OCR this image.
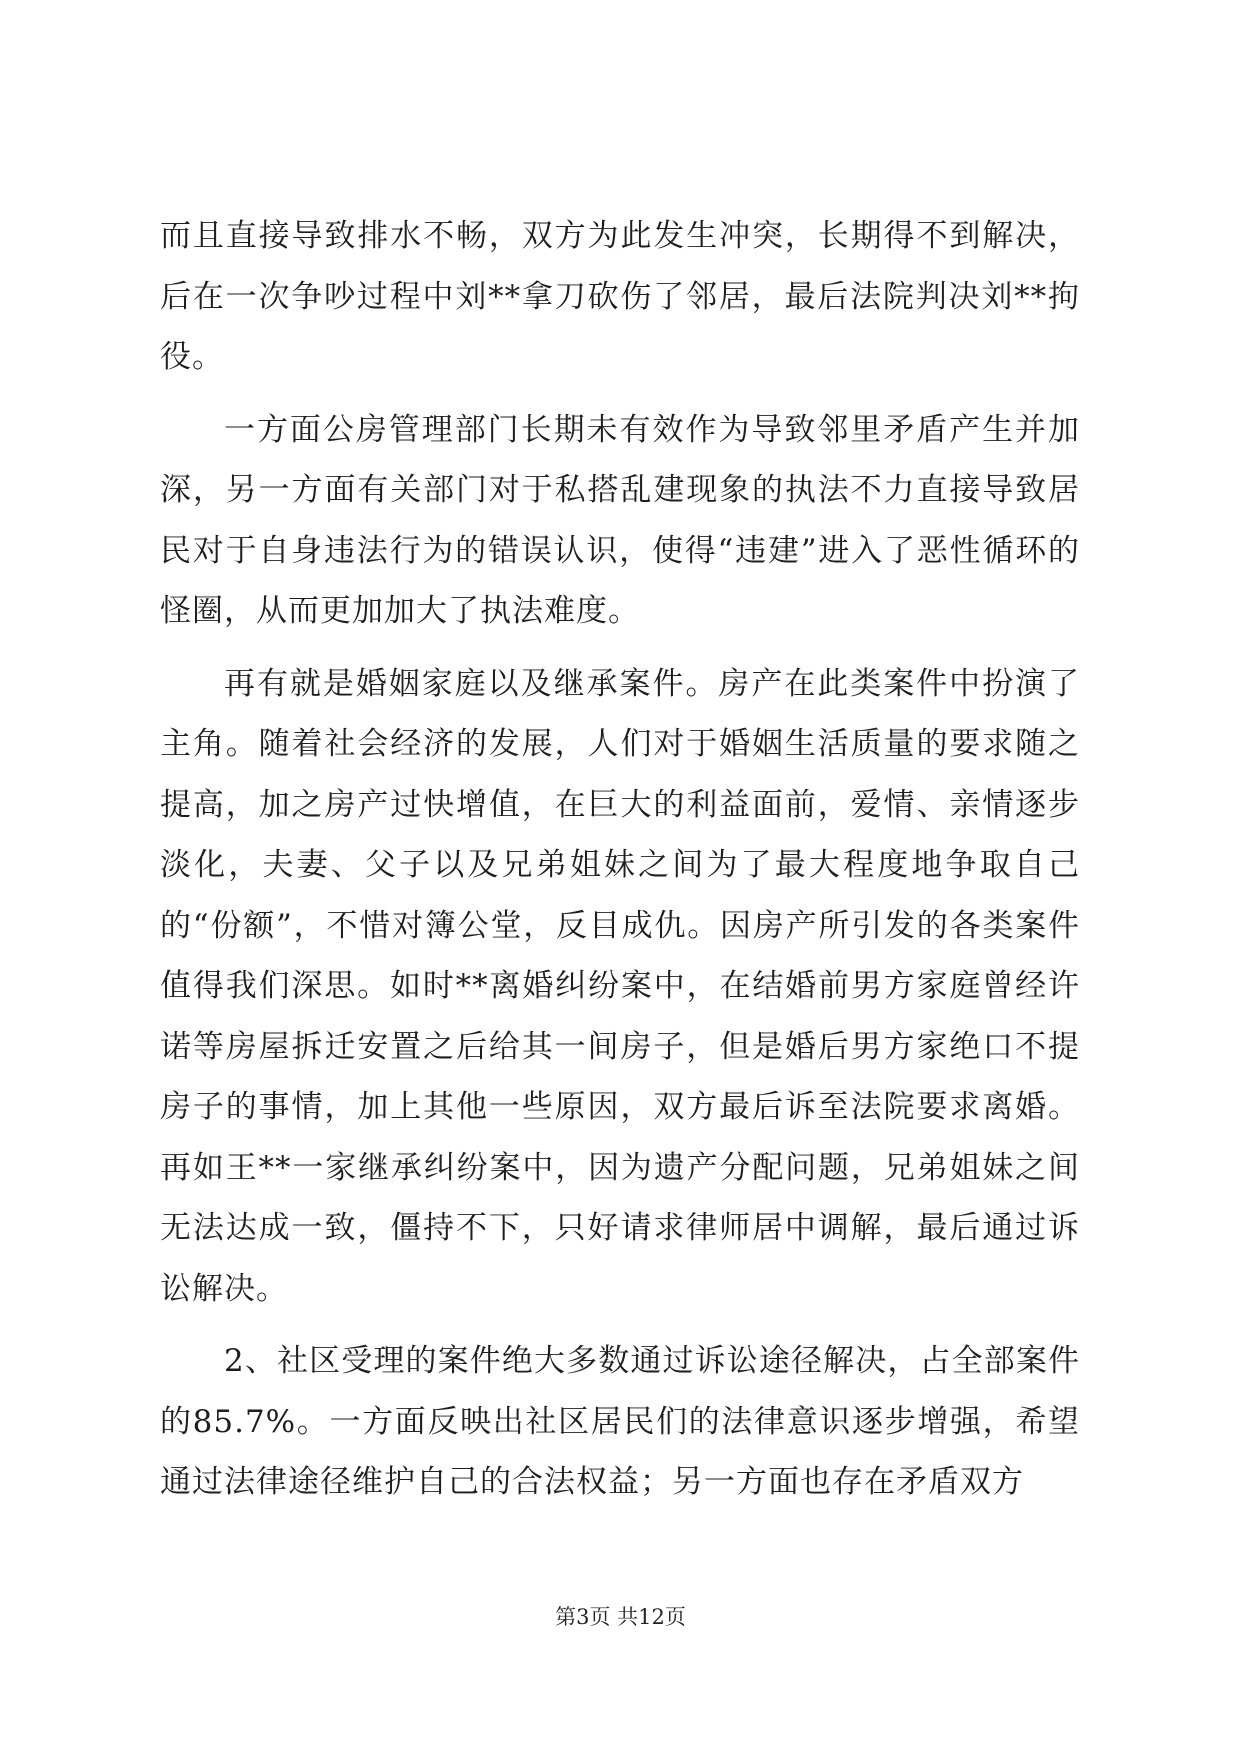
而且直接导致排水不畅，双方为此发生冲突，长期得不到解决，后在一次争吵过程中刘**拿刀砍伤了邻居，最后法院判决刘**拘役。

一方面公房管理部门长期未有效作为导致邻里矛盾产生并加深，另一方面有关部门对于私搭乱建现象的执法不力直接导致居民对于自身违法行为的错误认识，使得“违建”进入了恶性循环的怪圈，从而更加加大了执法难度。

再有就是婚姻家庭以及继承案件。房产在此类案件中扮演了主角。随着社会经济的发展，人们对于婚姻生活质量的要求随之提高，加之房产过快增值，在巨大的利益面前，爱情、亲情逐步淡化，夫妻、父子以及兄弟姐妹之间为了最大程度地争取自己的“份额”，不惜对簿公堂，反目成仇。因房产所引发的各类案件值得我们深思。如时**离婚纠纷案中，在结婚前男方家庭曾经许诺等房屋拆迁安置之后给其一间房子，但是婚后男方家绝口不提房子的事情，加上其他一些原因，双方最后诉至法院要求离婚。再如王**一家继承纠纷案中，因为遗产分配问题，兄弟姐妹之间无法达成一致，僵持不下，只好请求律师居中调解，最后通过诉讼解决。

2、社区受理的案件绝大多数通过诉讼途径解决，占全部案件的85.7%。一方面反映出社区居民们的法律意识逐步增强，希望通过法律途径维护自己的合法权益；另一方面也存在矛盾双方

第3页 共12页
